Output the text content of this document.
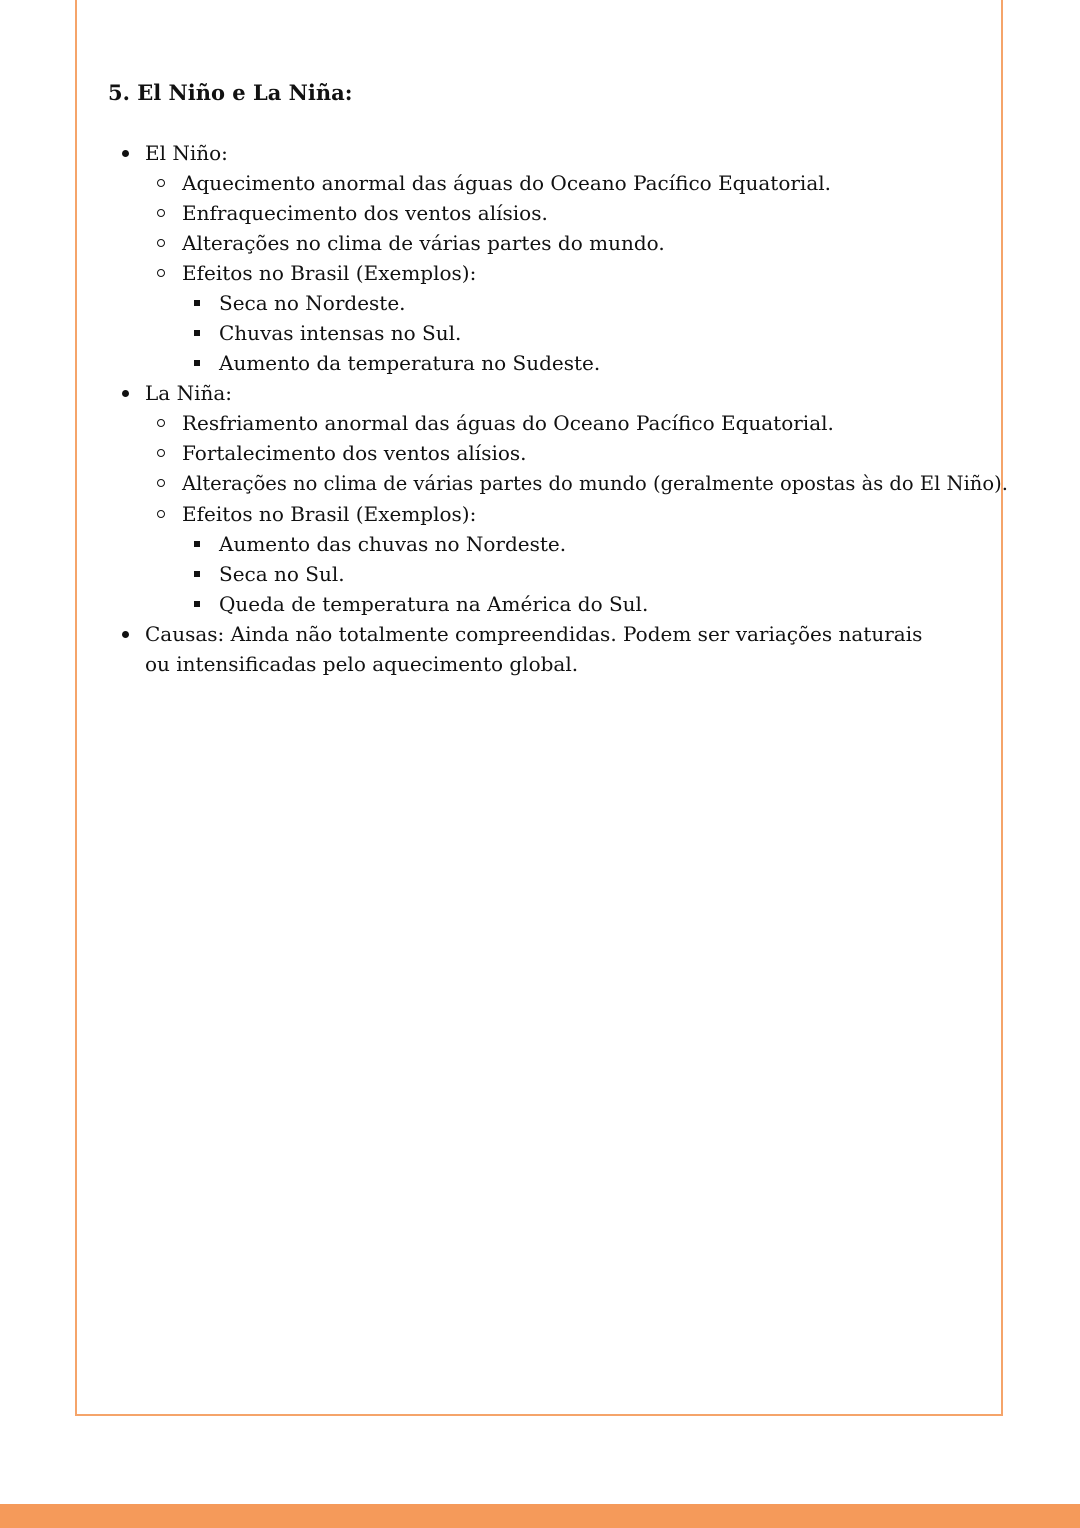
5. El Niño e La Niña:
El Niño:
Aquecimento anormal das águas do Oceano Pacífico Equatorial.
Enfraquecimento dos ventos alísios.
Alterações no clima de várias partes do mundo.
Efeitos no Brasil (Exemplos):
Seca no Nordeste.
Chuvas intensas no Sul.
Aumento da temperatura no Sudeste.
La Niña:
Resfriamento anormal das águas do Oceano Pacífico Equatorial.
Fortalecimento dos ventos alísios.
Alterações no clima de várias partes do mundo (geralmente opostas às do El Niño).
Efeitos no Brasil (Exemplos):
Aumento das chuvas no Nordeste.
Seca no Sul.
Queda de temperatura na América do Sul.
Causas: Ainda não totalmente compreendidas. Podem ser variações naturais ou intensificadas pelo aquecimento global.
